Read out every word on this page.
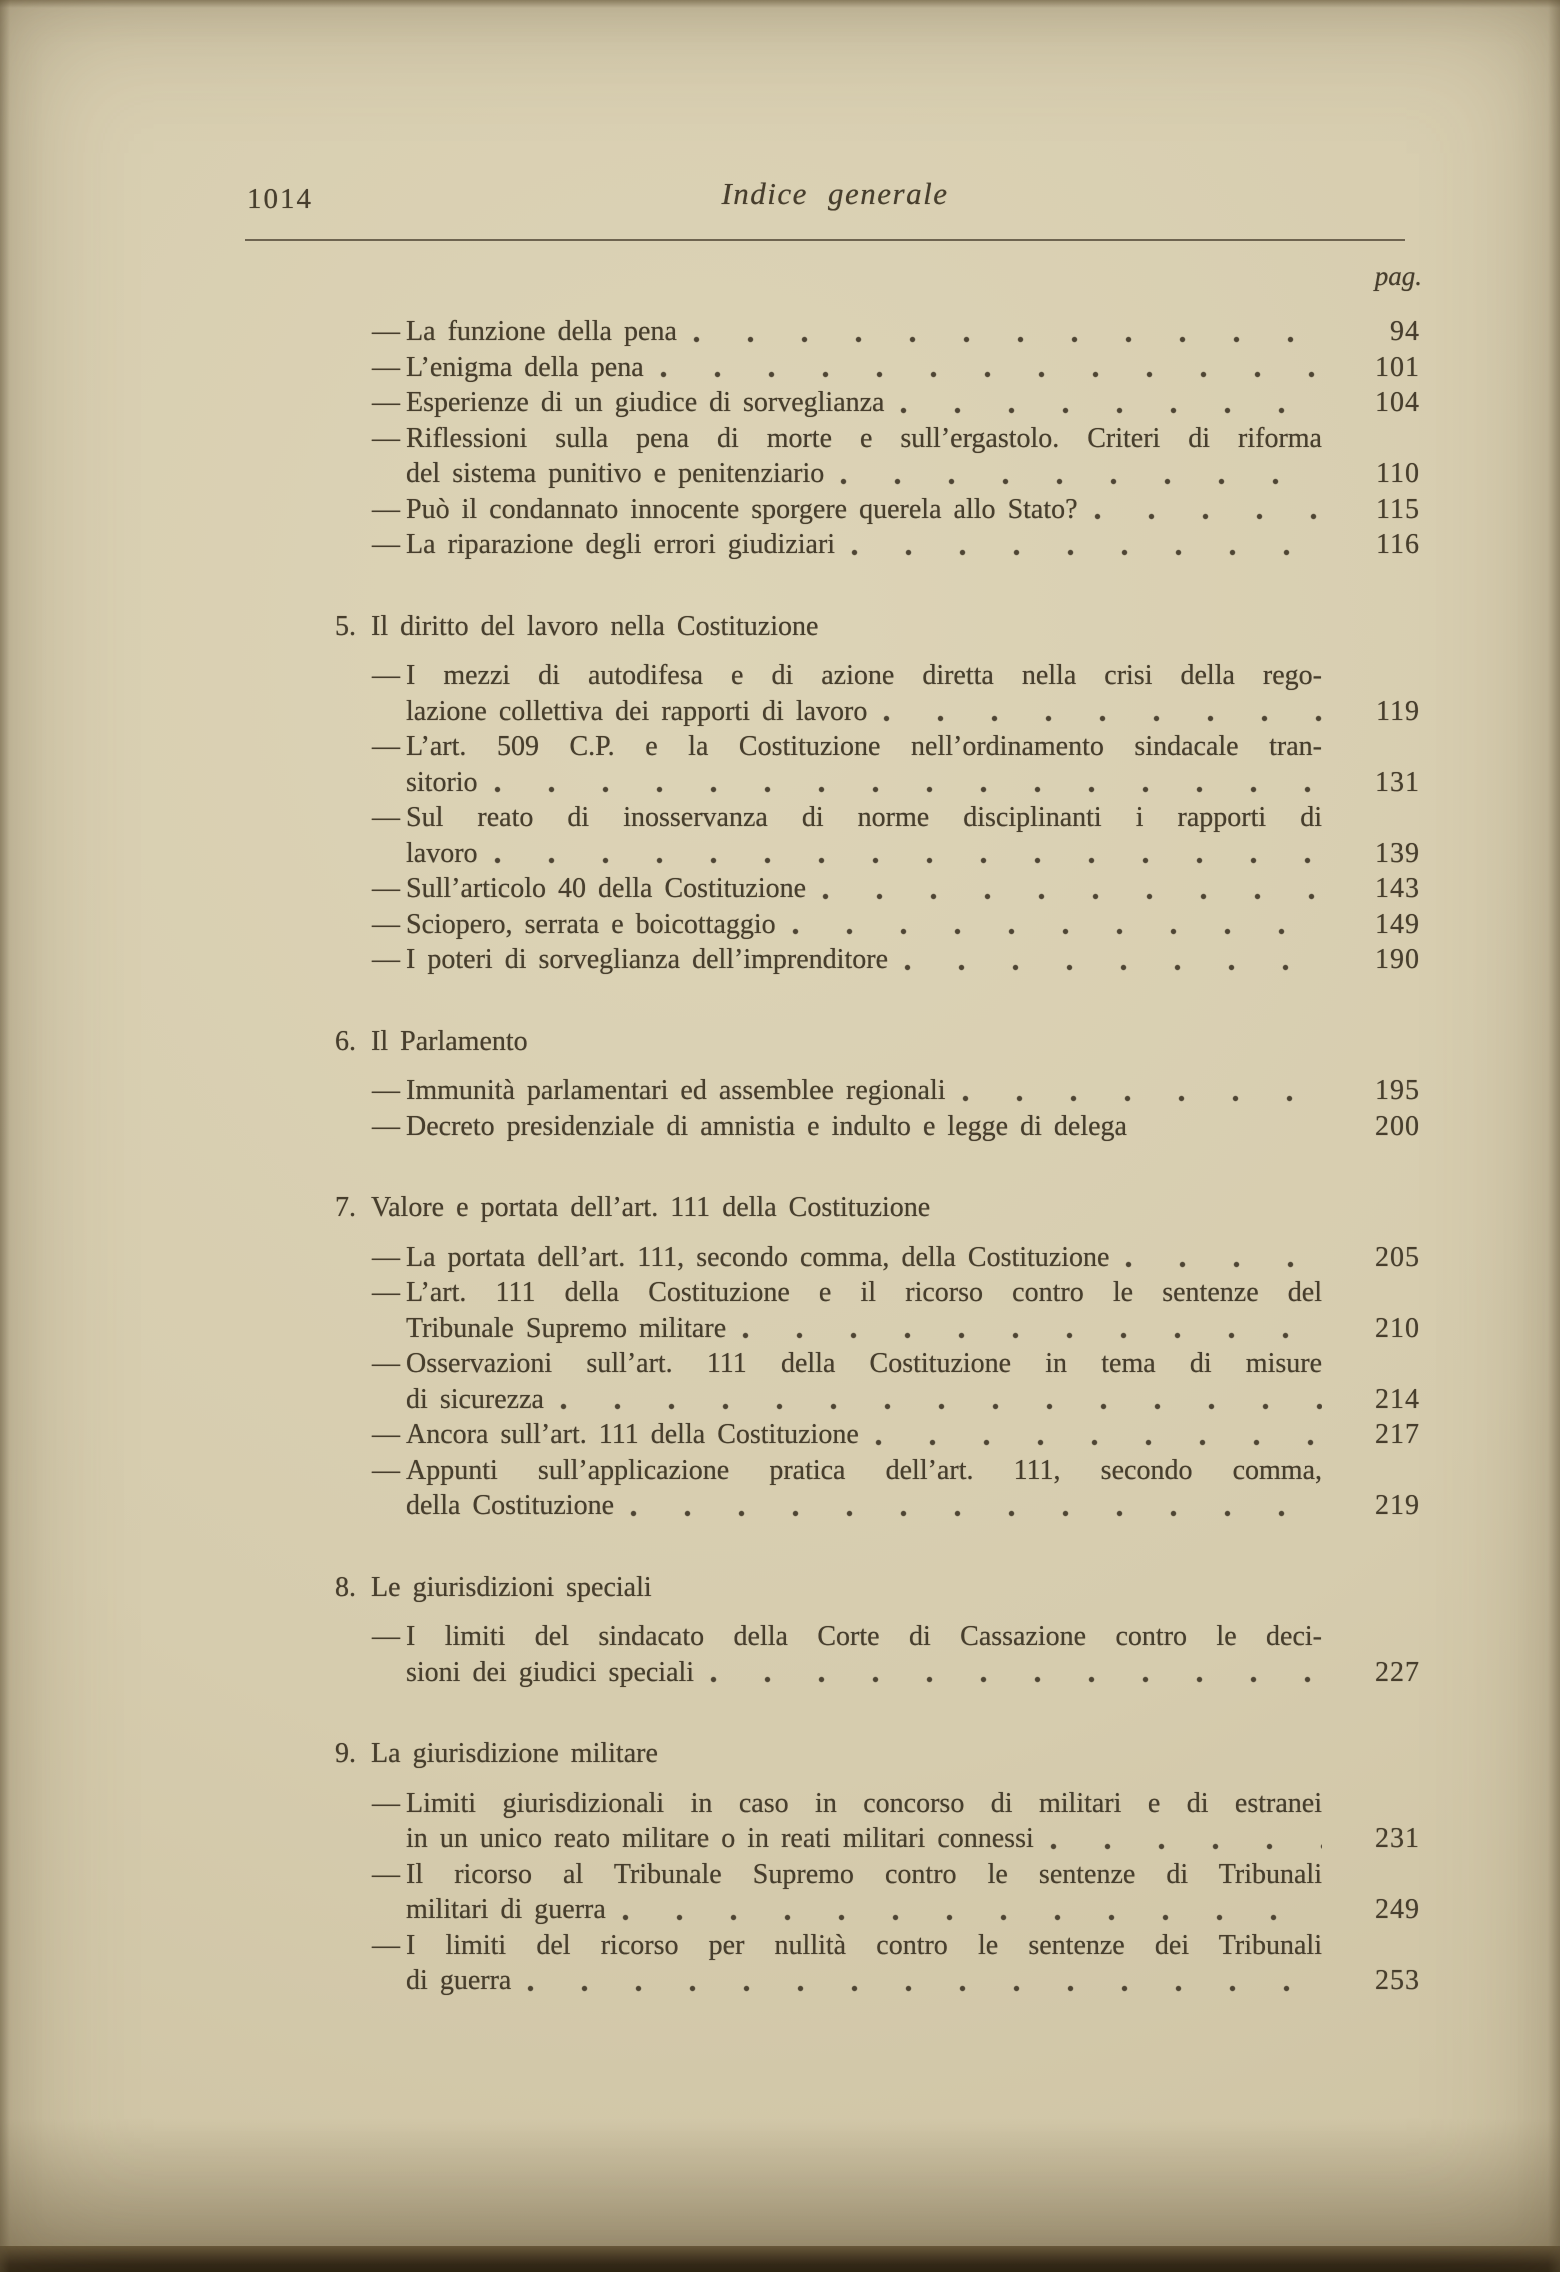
1014	Indice generale
pag.
— La funzione della pena	94
— L’enigma della pena	101
— Esperienze di un giudice di sorveglianza	104
— Riflessioni sulla pena di morte e sull’ergastolo. Criteri di riforma
del sistema punitivo e penitenziario	110
— Può il condannato innocente sporgere querela allo Stato?	115
— La riparazione degli errori giudiziari	116
5. Il diritto del lavoro nella Costituzione
— I mezzi di autodifesa e di azione diretta nella crisi della rego-
lazione collettiva dei rapporti di lavoro	119
— L’art. 509 C.P. e la Costituzione nell’ordinamento sindacale tran-
sitorio	131
— Sul reato di inosservanza di norme disciplinanti i rapporti di
lavoro	139
— Sull’articolo 40 della Costituzione	143
— Sciopero, serrata e boicottaggio	149
— I poteri di sorveglianza dell’imprenditore	190
6. Il Parlamento
— Immunità parlamentari ed assemblee regionali	195
— Decreto presidenziale di amnistia e indulto e legge di delega	200
7. Valore e portata dell’art. 111 della Costituzione
— La portata dell’art. 111, secondo comma, della Costituzione	205
— L’art. 111 della Costituzione e il ricorso contro le sentenze del
Tribunale Supremo militare	210
— Osservazioni sull’art. 111 della Costituzione in tema di misure
di sicurezza	214
— Ancora sull’art. 111 della Costituzione	217
— Appunti sull’applicazione pratica dell’art. 111, secondo comma,
della Costituzione	219
8. Le giurisdizioni speciali
— I limiti del sindacato della Corte di Cassazione contro le deci-
sioni dei giudici speciali	227
9. La giurisdizione militare
— Limiti giurisdizionali in caso in concorso di militari e di estranei
in un unico reato militare o in reati militari connessi	231
— Il ricorso al Tribunale Supremo contro le sentenze di Tribunali
militari di guerra	249
— I limiti del ricorso per nullità contro le sentenze dei Tribunali
di guerra	253
